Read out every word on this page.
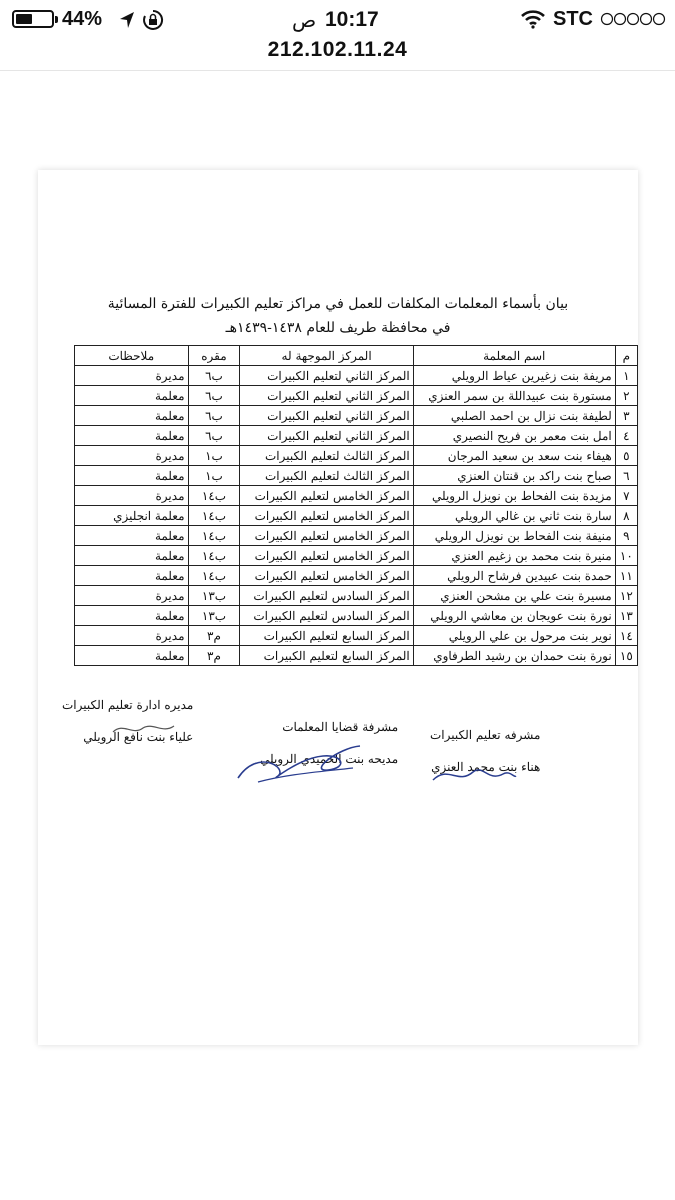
44%	10:17
ص	STC
212.102.11.24
بيان بأسماء المعلمات المكلفات للعمل في مراكز تعليم الكبيرات للفترة المسائية
في محافظة طريف للعام ١٤٣٨-١٤٣٩هـ
م	اسم المعلمة	المركز الموجهة له	مقره	ملاحظات
١	مريفة بنت زغيرين عياط الرويلي	المركز الثاني لتعليم الكبيرات	ب٦	مديرة
٢	مستورة بنت عبيداللة بن سمر العنزي	المركز الثاني لتعليم الكبيرات	ب٦	معلمة
٣	لطيفة بنت نزال بن احمد الصلبي	المركز الثاني لتعليم الكبيرات	ب٦	معلمة
٤	امل بنت معمر بن فريح النصيري	المركز الثاني لتعليم الكبيرات	ب٦	معلمة
٥	هيفاء بنت سعد بن سعيد المرجان	المركز الثالث لتعليم الكبيرات	ب١	مديرة
٦	صباح بنت راكد بن قنتان العنزي	المركز الثالث لتعليم الكبيرات	ب١	معلمة
٧	مزيدة بنت الفحاط بن نويزل الرويلي	المركز الخامس لتعليم الكبيرات	ب١٤	مديرة
٨	سارة بنت ثاني بن غالي الرويلي	المركز الخامس لتعليم الكبيرات	ب١٤	معلمة انجليزي
٩	منيفة بنت الفحاط بن نويزل الرويلي	المركز الخامس لتعليم الكبيرات	ب١٤	معلمة
١٠	منيرة بنت محمد بن زغيم العنزي	المركز الخامس لتعليم الكبيرات	ب١٤	معلمة
١١	حمدة بنت عبيدين فرشاح الرويلي	المركز الخامس لتعليم الكبيرات	ب١٤	معلمة
١٢	مسيرة بنت علي بن مشحن العنزي	المركز السادس لتعليم الكبيرات	ب١٣	مديرة
١٣	نورة بنت عويجان بن معاشي الرويلي	المركز السادس لتعليم الكبيرات	ب١٣	معلمة
١٤	نوير بنت مرحول بن علي الرويلي	المركز السابع لتعليم الكبيرات	م٣	مديرة
١٥	نورة بنت حمدان بن رشيد الطرفاوي	المركز السابع لتعليم الكبيرات	م٣	معلمة
مديره ادارة تعليم الكبيرات
علياء بنت نافع الرويلي
مشرفة قضايا المعلمات
مديحه بنت الحميدي الرويلي
مشرفه تعليم الكبيرات
هناء بنت محمد العنزي
